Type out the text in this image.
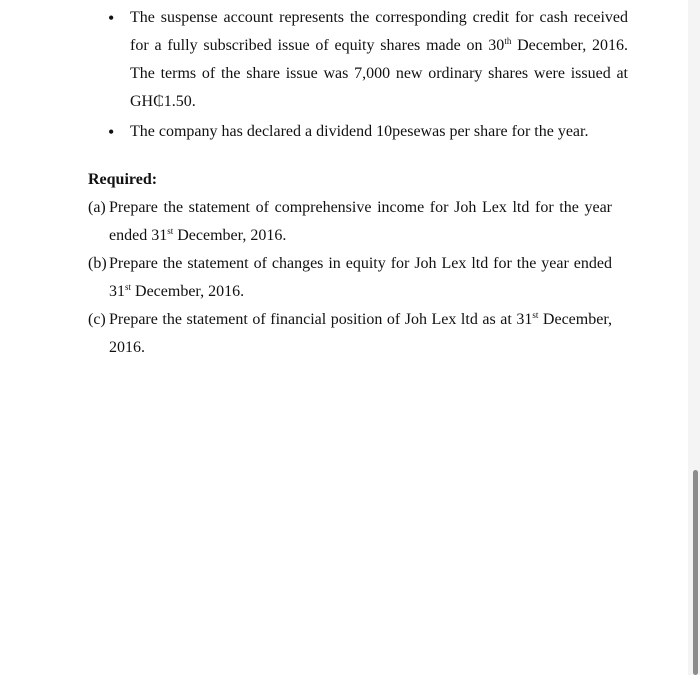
• The suspense account represents the corresponding credit for cash received for a fully subscribed issue of equity shares made on 30th December, 2016. The terms of the share issue was 7,000 new ordinary shares were issued at GH₵1.50.
• The company has declared a dividend 10pesewas per share for the year.
Required:
(a) Prepare the statement of comprehensive income for Joh Lex ltd for the year ended 31st December, 2016.
(b) Prepare the statement of changes in equity for Joh Lex ltd for the year ended 31st December, 2016.
(c) Prepare the statement of financial position of Joh Lex ltd as at 31st December, 2016.
